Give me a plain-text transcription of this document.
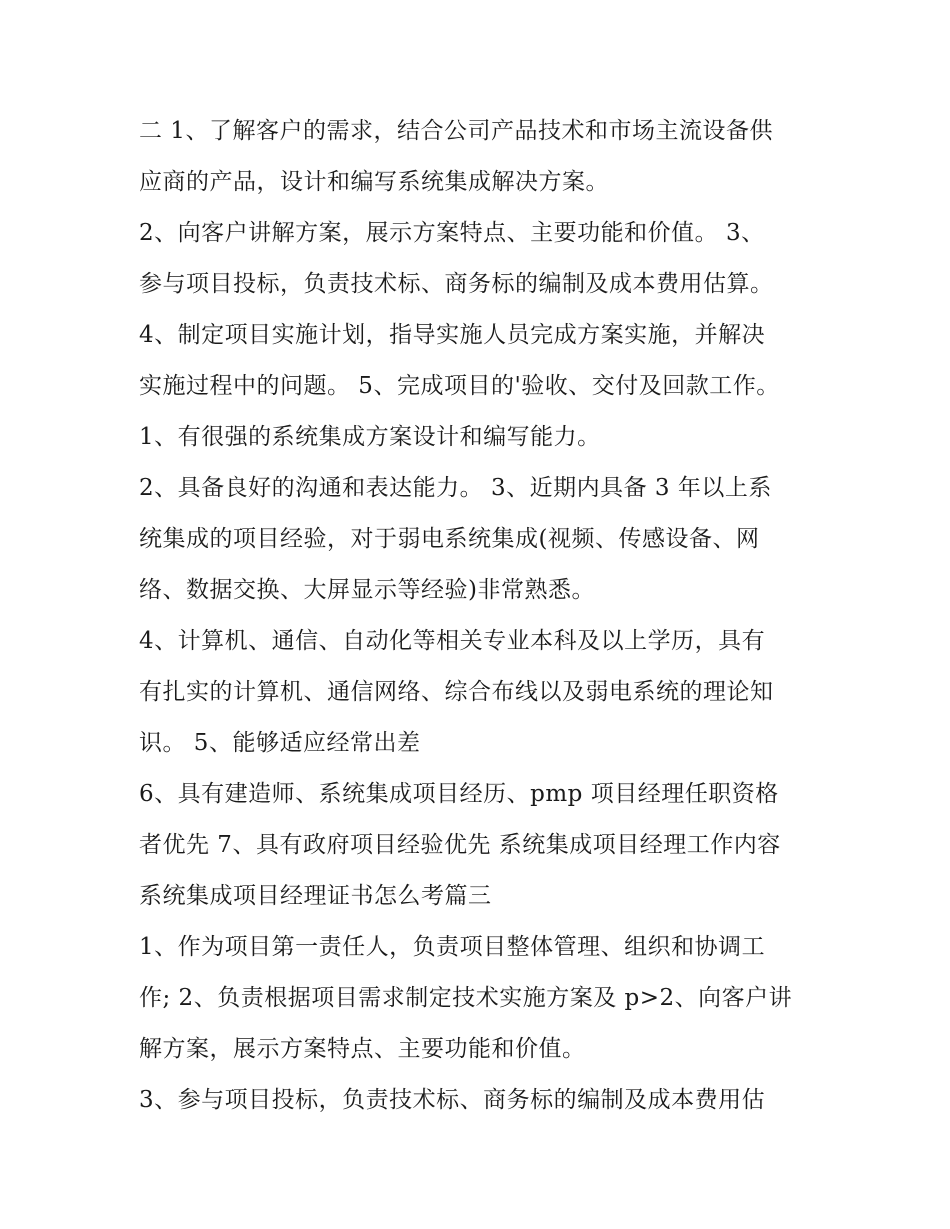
二 1、了解客户的需求，结合公司产品技术和市场主流设备供
应商的产品，设计和编写系统集成解决方案。
2、向客户讲解方案，展示方案特点、主要功能和价值。 3、
参与项目投标，负责技术标、商务标的编制及成本费用估算。
4、制定项目实施计划，指导实施人员完成方案实施，并解决
实施过程中的问题。 5、完成项目的'验收、交付及回款工作。
1、有很强的系统集成方案设计和编写能力。
2、具备良好的沟通和表达能力。 3、近期内具备 3 年以上系
统集成的项目经验，对于弱电系统集成(视频、传感设备、网
络、数据交换、大屏显示等经验)非常熟悉。
4、计算机、通信、自动化等相关专业本科及以上学历，具有
有扎实的计算机、通信网络、综合布线以及弱电系统的理论知
识。 5、能够适应经常出差
6、具有建造师、系统集成项目经历、pmp 项目经理任职资格
者优先 7、具有政府项目经验优先 系统集成项目经理工作内容
系统集成项目经理证书怎么考篇三
1、作为项目第一责任人，负责项目整体管理、组织和协调工
作; 2、负责根据项目需求制定技术实施方案及 p>2、向客户讲
解方案，展示方案特点、主要功能和价值。
3、参与项目投标，负责技术标、商务标的编制及成本费用估
